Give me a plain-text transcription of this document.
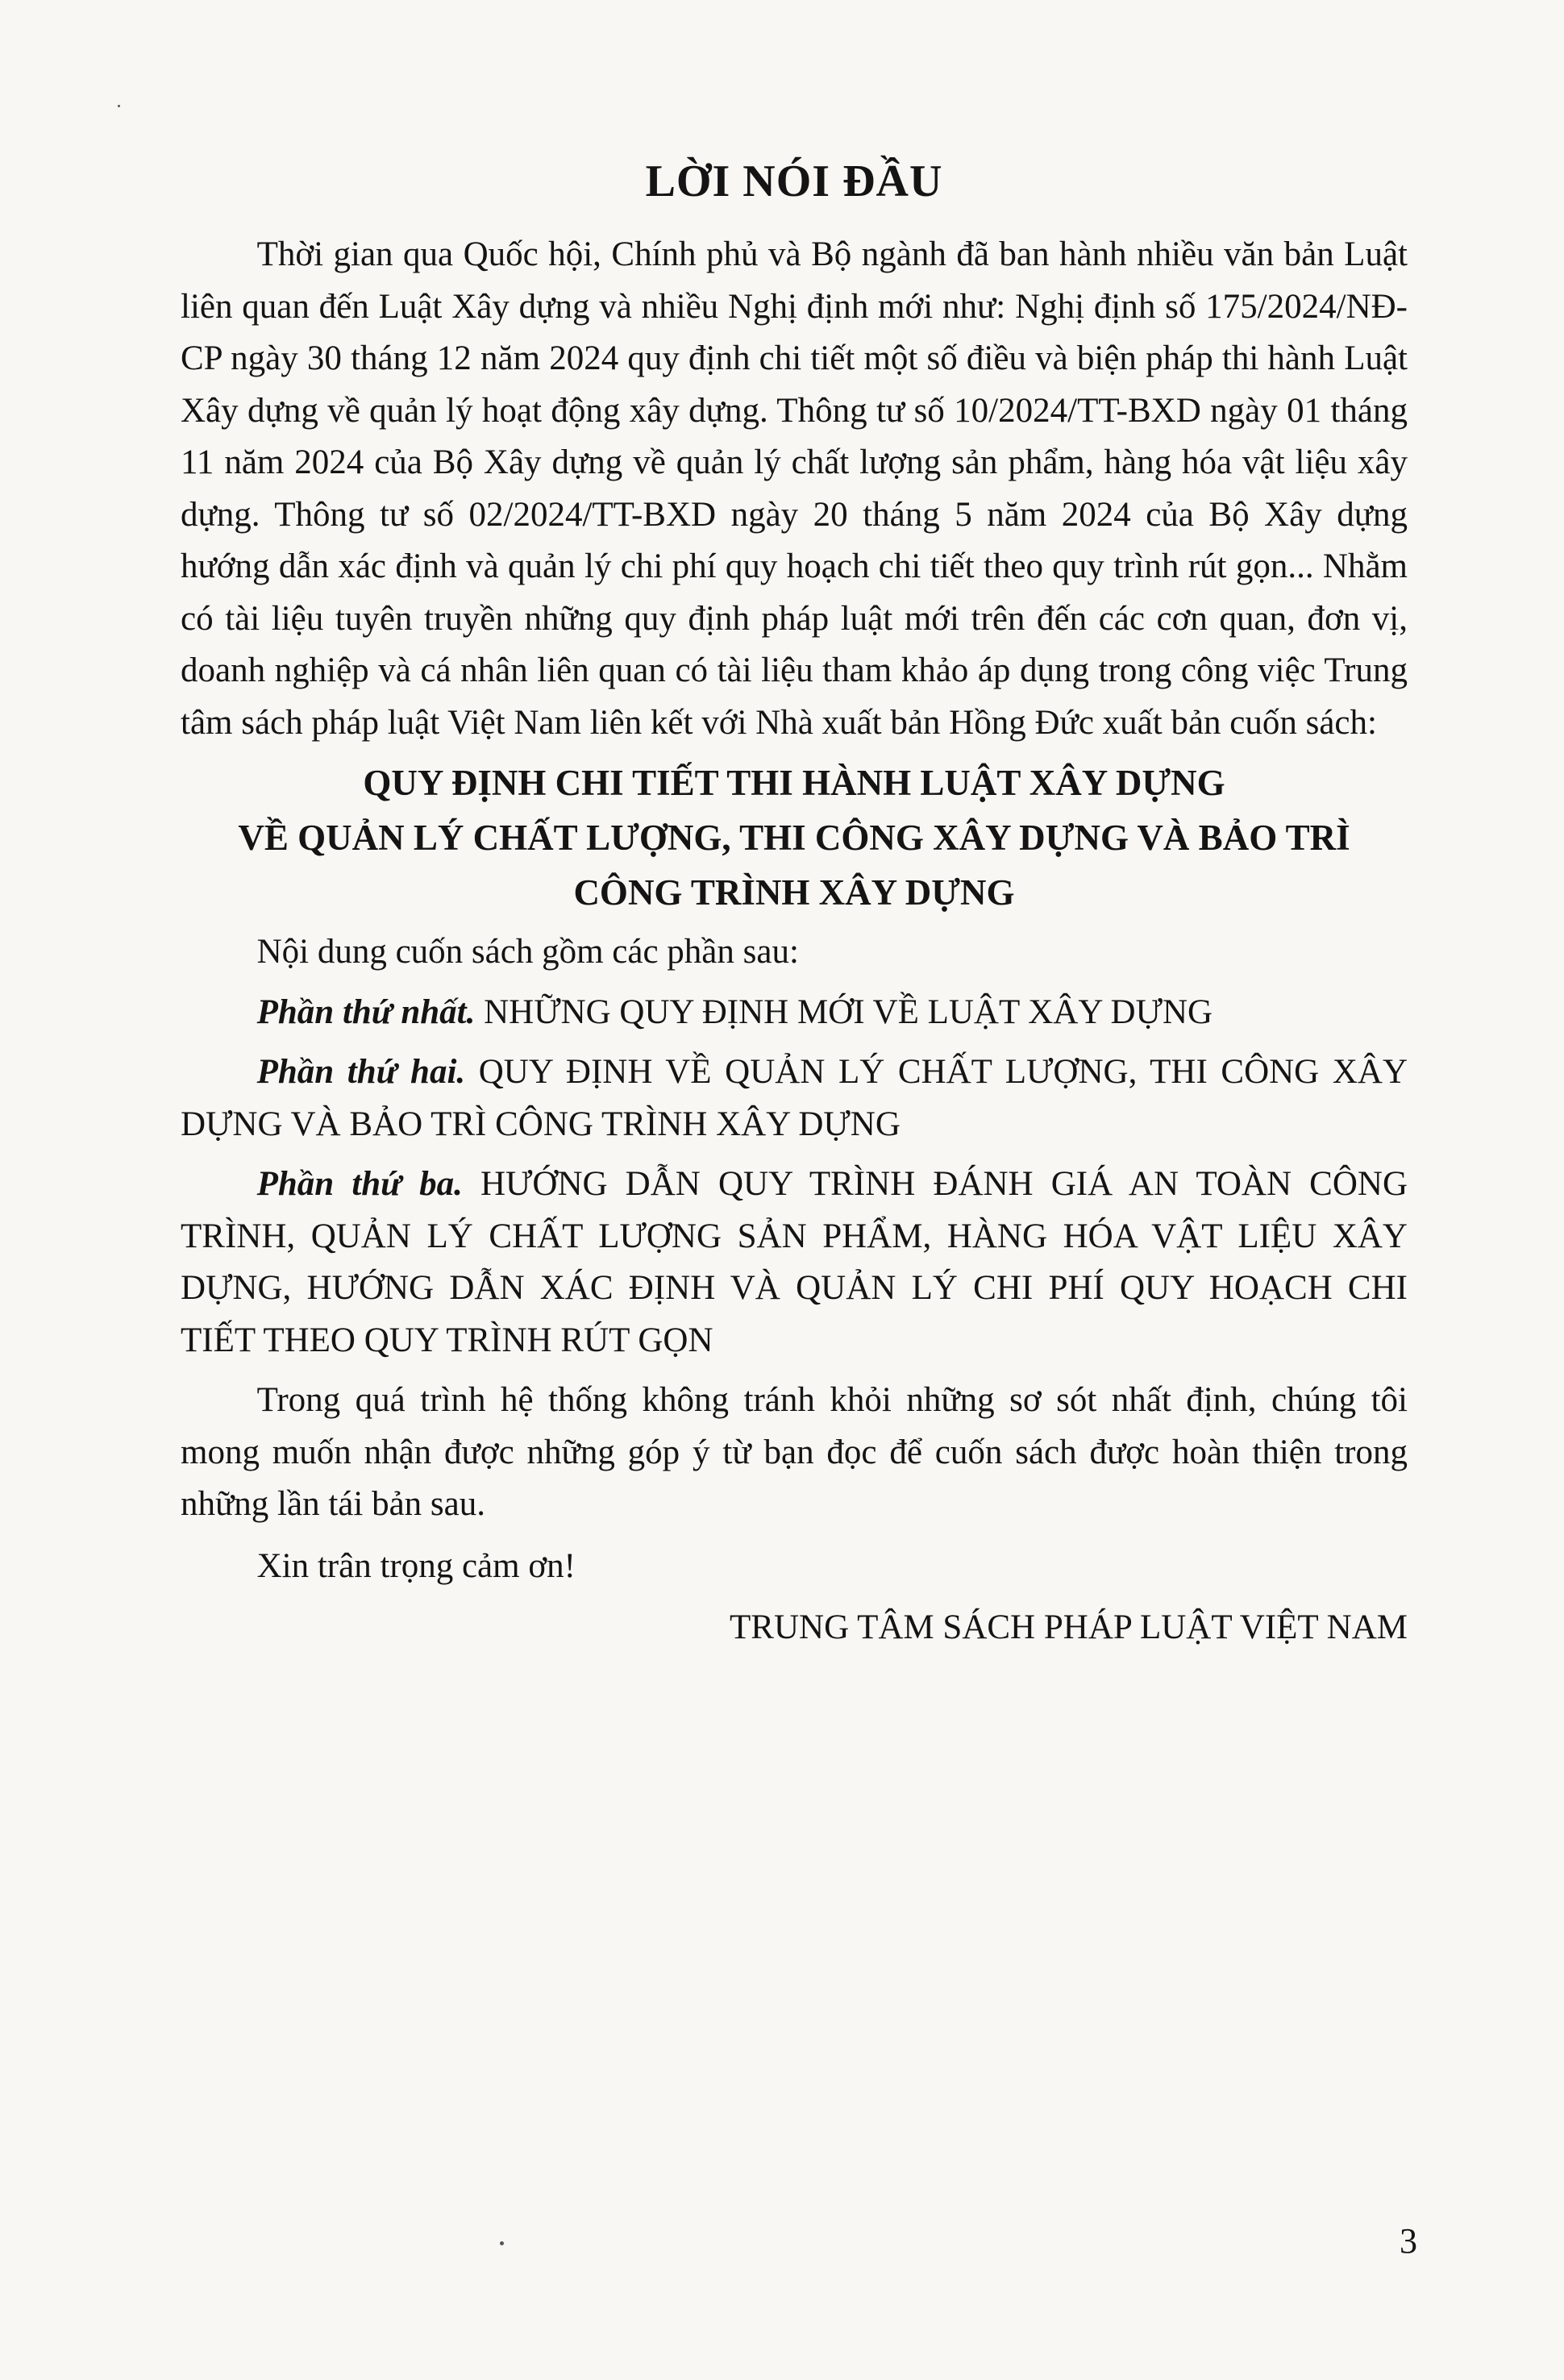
LỜI NÓI ĐẦU

Thời gian qua Quốc hội, Chính phủ và Bộ ngành đã ban hành nhiều văn bản Luật liên quan đến Luật Xây dựng và nhiều Nghị định mới như: Nghị định số 175/2024/NĐ-CP ngày 30 tháng 12 năm 2024 quy định chi tiết một số điều và biện pháp thi hành Luật Xây dựng về quản lý hoạt động xây dựng. Thông tư số 10/2024/TT-BXD ngày 01 tháng 11 năm 2024 của Bộ Xây dựng về quản lý chất lượng sản phẩm, hàng hóa vật liệu xây dựng. Thông tư số 02/2024/TT-BXD ngày 20 tháng 5 năm 2024 của Bộ Xây dựng hướng dẫn xác định và quản lý chi phí quy hoạch chi tiết theo quy trình rút gọn... Nhằm có tài liệu tuyên truyền những quy định pháp luật mới trên đến các cơn quan, đơn vị, doanh nghiệp và cá nhân liên quan có tài liệu tham khảo áp dụng trong công việc Trung tâm sách pháp luật Việt Nam liên kết với Nhà xuất bản Hồng Đức xuất bản cuốn sách:

QUY ĐỊNH CHI TIẾT THI HÀNH LUẬT XÂY DỰNG
VỀ QUẢN LÝ CHẤT LƯỢNG, THI CÔNG XÂY DỰNG VÀ BẢO TRÌ
CÔNG TRÌNH XÂY DỰNG

Nội dung cuốn sách gồm các phần sau:

Phần thứ nhất. NHỮNG QUY ĐỊNH MỚI VỀ LUẬT XÂY DỰNG

Phần thứ hai. QUY ĐỊNH VỀ QUẢN LÝ CHẤT LƯỢNG, THI CÔNG XÂY DỰNG VÀ BẢO TRÌ CÔNG TRÌNH XÂY DỰNG

Phần thứ ba. HƯỚNG DẪN QUY TRÌNH ĐÁNH GIÁ AN TOÀN CÔNG TRÌNH, QUẢN LÝ CHẤT LƯỢNG SẢN PHẨM, HÀNG HÓA VẬT LIỆU XÂY DỰNG, HƯỚNG DẪN XÁC ĐỊNH VÀ QUẢN LÝ CHI PHÍ QUY HOẠCH CHI TIẾT THEO QUY TRÌNH RÚT GỌN

Trong quá trình hệ thống không tránh khỏi những sơ sót nhất định, chúng tôi mong muốn nhận được những góp ý từ bạn đọc để cuốn sách được hoàn thiện trong những lần tái bản sau.

Xin trân trọng cảm ơn!

TRUNG TÂM SÁCH PHÁP LUẬT VIỆT NAM

3
